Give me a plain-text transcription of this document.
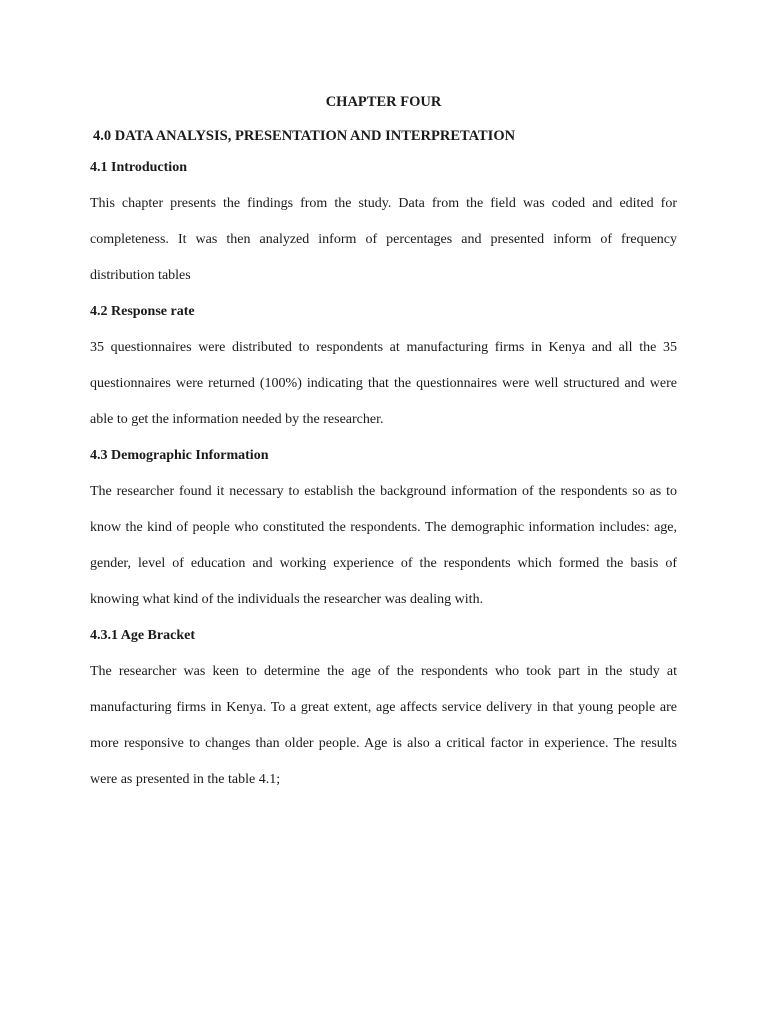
CHAPTER FOUR
4.0 DATA ANALYSIS, PRESENTATION AND INTERPRETATION
4.1 Introduction

This chapter presents the findings from the study. Data from the field was coded and edited for completeness. It was then analyzed inform of percentages and presented inform of frequency distribution tables

4.2 Response rate

35 questionnaires were distributed to respondents at manufacturing firms in Kenya and all the 35 questionnaires were returned (100%) indicating that the questionnaires were well structured and were able to get the information needed by the researcher.

4.3 Demographic Information

The researcher found it necessary to establish the background information of the respondents so as to know the kind of people who constituted the respondents. The demographic information includes: age, gender, level of education and working experience of the respondents which formed the basis of knowing what kind of the individuals the researcher was dealing with.

4.3.1 Age Bracket

The researcher was keen to determine the age of the respondents who took part in the study at manufacturing firms in Kenya. To a great extent, age affects service delivery in that young people are more responsive to changes than older people. Age is also a critical factor in experience. The results were as presented in the table 4.1;
